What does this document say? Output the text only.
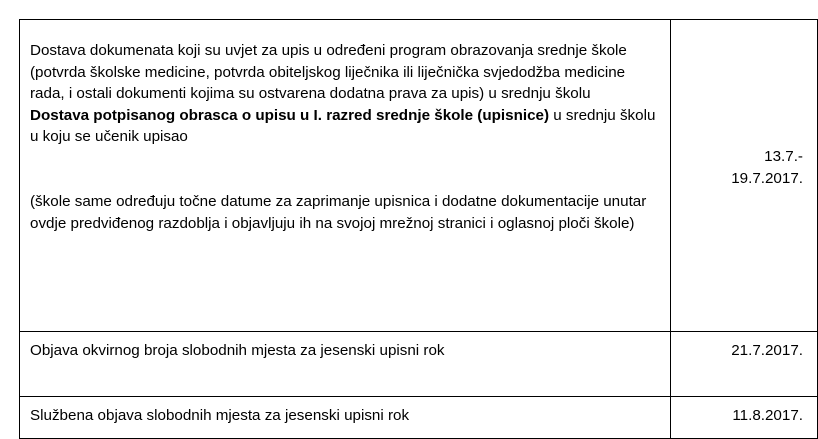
Dostava dokumenata koji su uvjet za upis u određeni program obrazovanja srednje škole (potvrda školske medicine, potvrda obiteljskog liječnika ili liječnička svjedodžba medicine rada, i ostali dokumenti kojima su ostvarena dodatna prava za upis) u srednju školu
Dostava potpisanog obrasca o upisu u I. razred srednje škole (upisnice) u srednju školu u koju se učenik upisao
(škole same određuju točne datume za zaprimanje upisnica i dodatne dokumentacije unutar ovdje predviđenog razdoblja i objavljuju ih na svojoj mrežnoj stranici i oglasnoj ploči škole)	13.7.-
19.7.2017.

Objava okvirnog broja slobodnih mjesta za jesenski upisni rok	21.7.2017.
Službena objava slobodnih mjesta za jesenski upisni rok	11.8.2017.
